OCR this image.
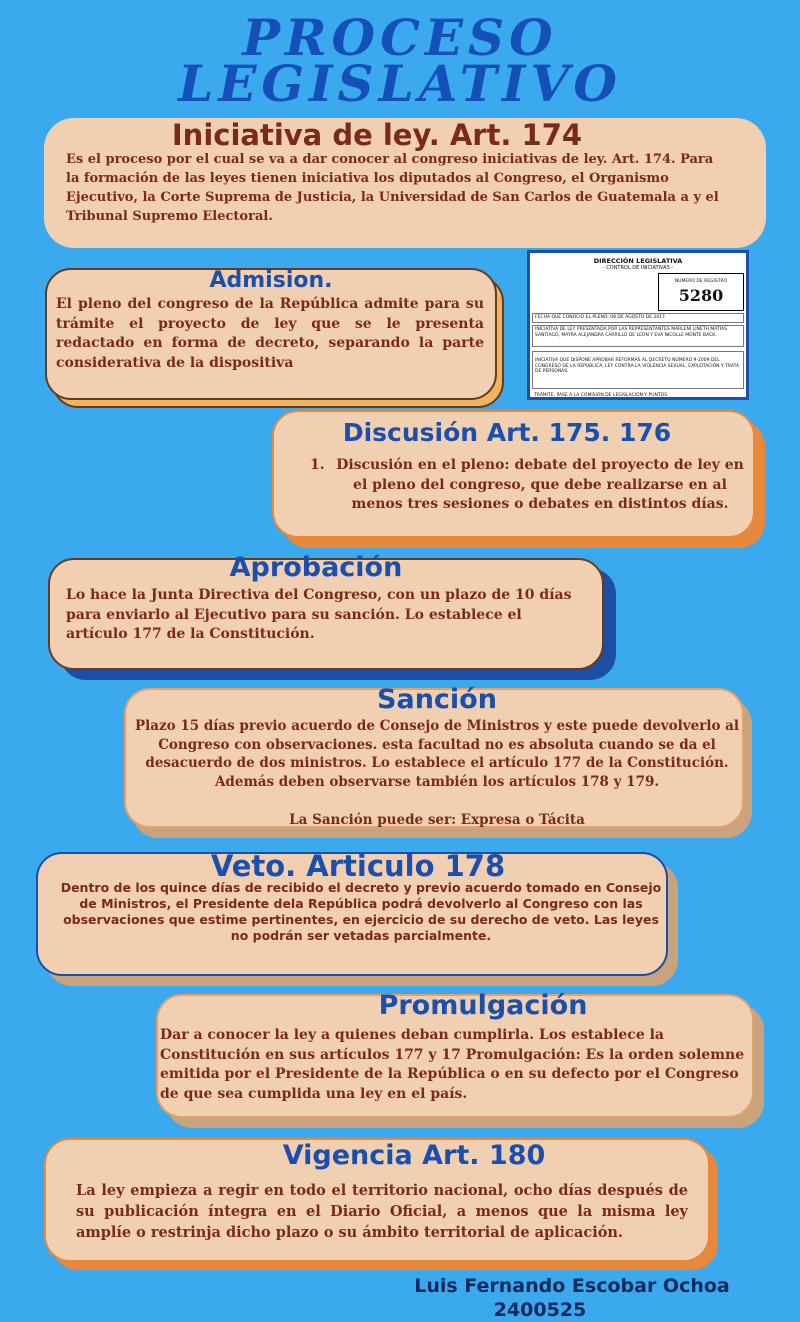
PROCESO
LEGISLATIVO
Iniciativa de ley. Art. 174
Es el proceso por el cual se va a dar conocer al congreso iniciativas de ley. Art. 174. Para la formación de las leyes tienen iniciativa los diputados al Congreso, el Organismo Ejecutivo, la Corte Suprema de Justicia, la Universidad de San Carlos de Guatemala a y el Tribunal Supremo Electoral.
Admision.
El pleno del congreso de la República admite para su trámite el proyecto de ley que se le presenta redactado en forma de decreto, separando la parte considerativa de la dispositiva
DIRECCIÓN LEGISLATIVA
- CONTROL DE INICIATIVAS -
NUMERO DE REGISTRO
5280
FECHA QUE CONOCIÓ EL PLENO: 09 DE AGOSTO DE 2017.
INICIATIVA DE LEY PRESENTADA POR LAS REPRESENTANTES MARLENI LINETH MATÍAS SANTIAGO, MAYRA ALEJANDRA CARRILLO DE LEÓN Y EVA NICOLLE MONTE BACK.
INICIATIVA QUE DISPONE APROBAR REFORMAS AL DECRETO NÚMERO 9-2009 DEL CONGRESO DE LA REPÚBLICA, LEY CONTRA LA VIOLENCIA SEXUAL, EXPLOTACIÓN Y TRATA DE PERSONAS.
TRÁMITE: PASE A LA COMISIÓN DE LEGISLACIÓN Y PUNTOS
Discusión Art. 175. 176
1. Discusión en el pleno: debate del proyecto de ley en el pleno del congreso, que debe realizarse en al menos tres sesiones o debates en distintos días.
Aprobación
Lo hace la Junta Directiva del Congreso, con un plazo de 10 días para enviarlo al Ejecutivo para su sanción. Lo establece el artículo 177 de la Constitución.
Sanción
Plazo 15 días previo acuerdo de Consejo de Ministros y este puede devolverlo al Congreso con observaciones. esta facultad no es absoluta cuando se da el desacuerdo de dos ministros. Lo establece el artículo 177 de la Constitución. Además deben observarse también los artículos 178 y 179.
La Sanción puede ser: Expresa o Tácita
Veto. Articulo 178
Dentro de los quince días de recibido el decreto y previo acuerdo tomado en Consejo de Ministros, el Presidente dela República podrá devolverlo al Congreso con las observaciones que estime pertinentes, en ejercicio de su derecho de veto. Las leyes no podrán ser vetadas parcialmente.
Promulgación
Dar a conocer la ley a quienes deban cumplirla. Los establece la Constitución en sus artículos 177 y 17 Promulgación: Es la orden solemne emitida por el Presidente de la República o en su defecto por el Congreso de que sea cumplida una ley en el país.
Vigencia Art. 180
La ley empieza a regir en todo el territorio nacional, ocho días después de su publicación íntegra en el Diario Oficial, a menos que la misma ley amplíe o restrinja dicho plazo o su ámbito territorial de aplicación.
Luis Fernando Escobar Ochoa
2400525
